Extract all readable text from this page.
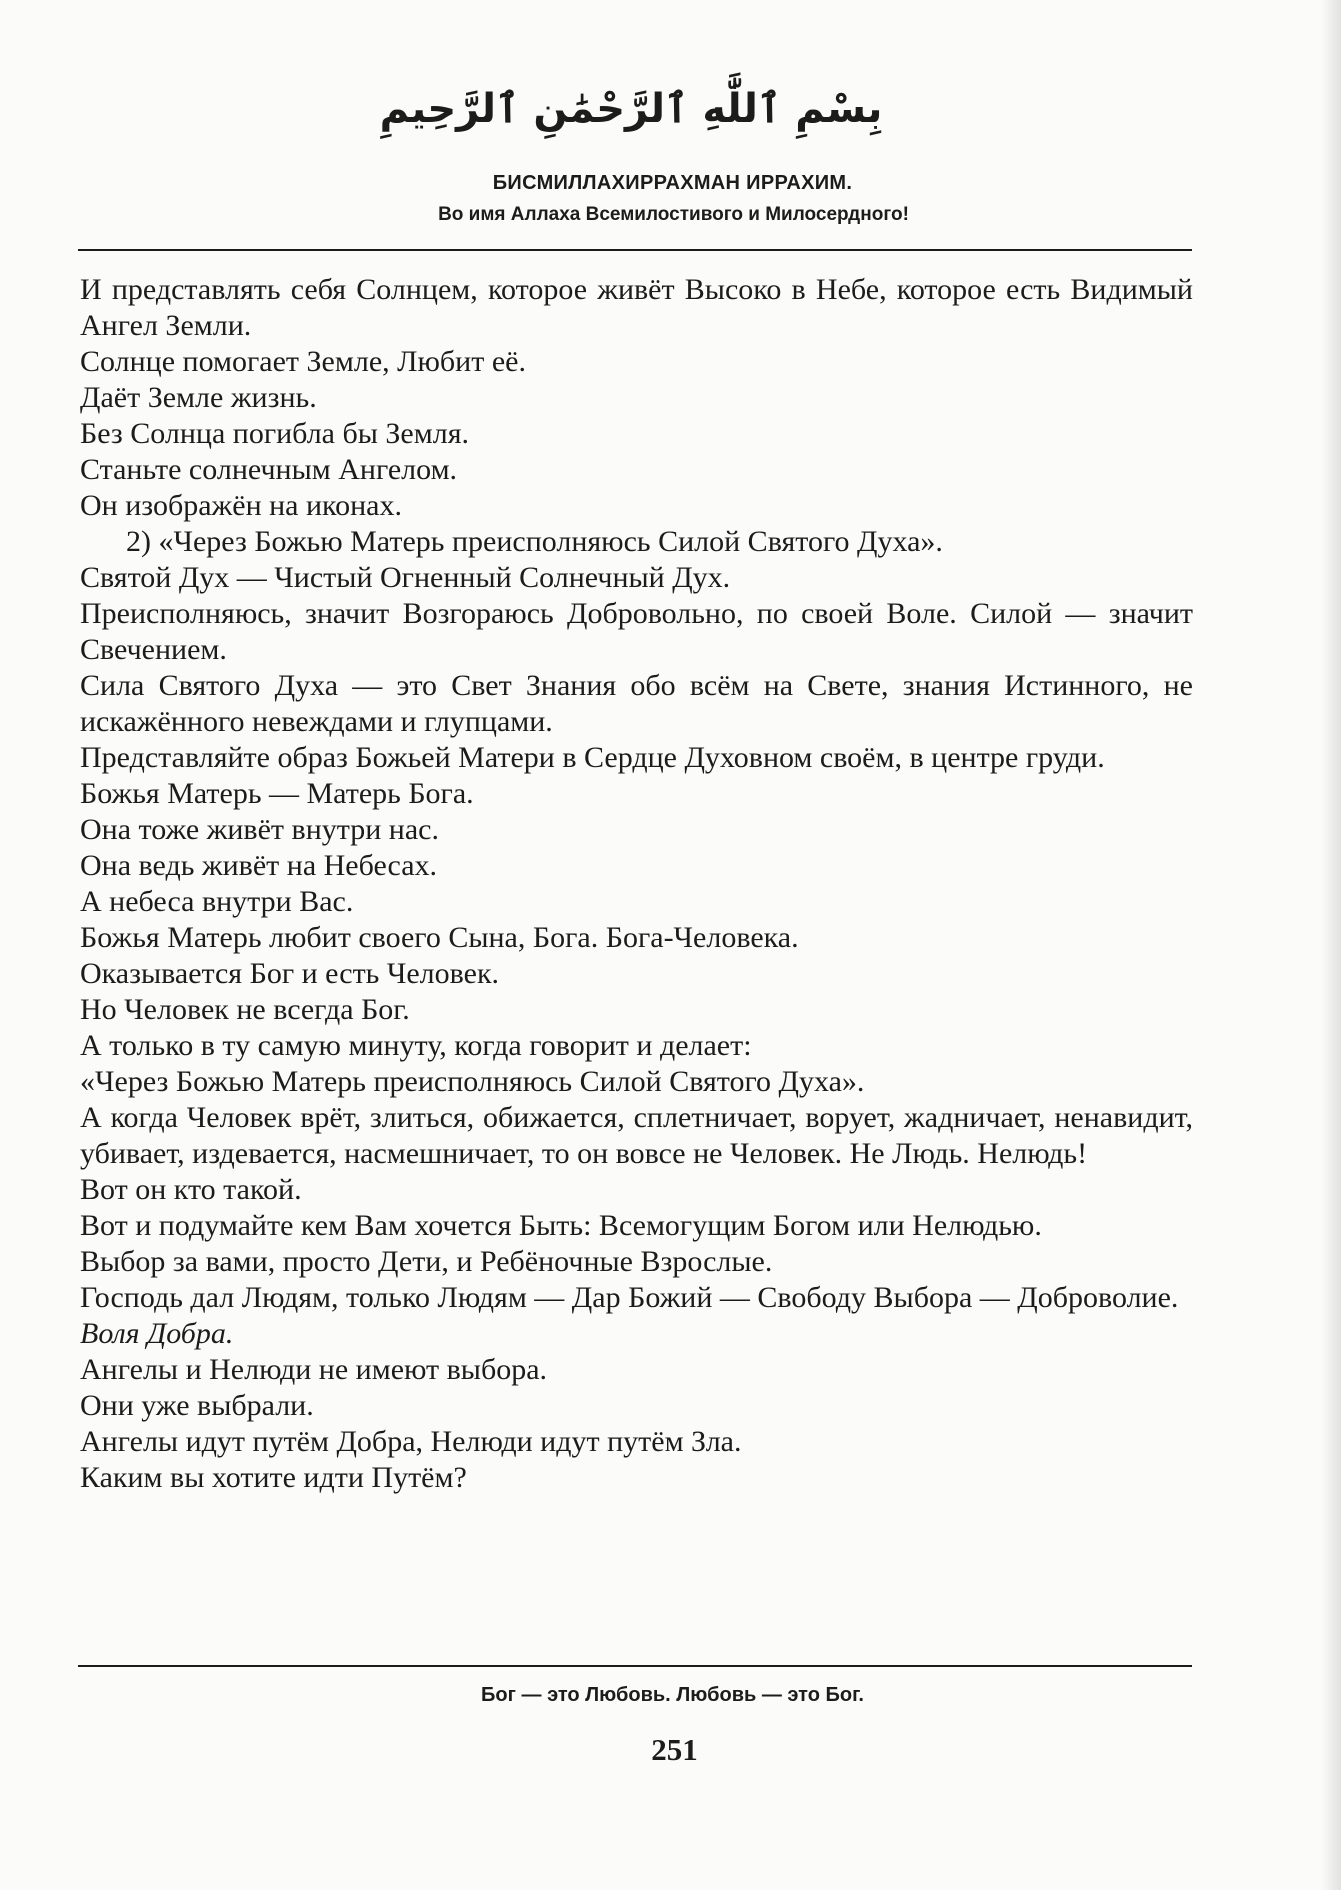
بِسْمِ ٱللَّٰهِ ٱلرَّحْمَٰنِ ٱلرَّحِيمِ
БИСМИЛЛАХИРРАХМАН ИРРАХИМ.
Во имя Аллаха Всемилостивого и Милосердного!

И представлять себя Солнцем, которое живёт Высоко в Небе, которое есть Видимый Ангел Земли.

Солнце помогает Земле, Любит её.

Даёт Земле жизнь.

Без Солнца погибла бы Земля.

Станьте солнечным Ангелом.

Он изображён на иконах.

2) «Через Божью Матерь преисполняюсь Силой Святого Духа».

Святой Дух — Чистый Огненный Солнечный Дух.

Преисполняюсь, значит Возгораюсь Добровольно, по своей Воле. Силой — значит Свечением.

Сила Святого Духа — это Свет Знания обо всём на Свете, знания Истинного, не искажённого невеждами и глупцами.

Представляйте образ Божьей Матери в Сердце Духовном своём, в центре груди.

Божья Матерь — Матерь Бога.

Она тоже живёт внутри нас.

Она ведь живёт на Небесах.

А небеса внутри Вас.

Божья Матерь любит своего Сына, Бога. Бога-Человека.

Оказывается Бог и есть Человек.

Но Человек не всегда Бог.

А только в ту самую минуту, когда говорит и делает:

«Через Божью Матерь преисполняюсь Силой Святого Духа».

А когда Человек врёт, злиться, обижается, сплетничает, ворует, жадничает, ненавидит, убивает, издевается, насмешничает, то он вовсе не Человек. Не Людь. Нелюдь!

Вот он кто такой.

Вот и подумайте кем Вам хочется Быть: Всемогущим Богом или Нелюдью.

Выбор за вами, просто Дети, и Ребёночные Взрослые.

Господь дал Людям, только Людям — Дар Божий — Свободу Выбора — Доброволие.

Воля Добра.

Ангелы и Нелюди не имеют выбора.

Они уже выбрали.

Ангелы идут путём Добра, Нелюди идут путём Зла.

Каким вы хотите идти Путём?

Бог — это Любовь. Любовь — это Бог.
251
